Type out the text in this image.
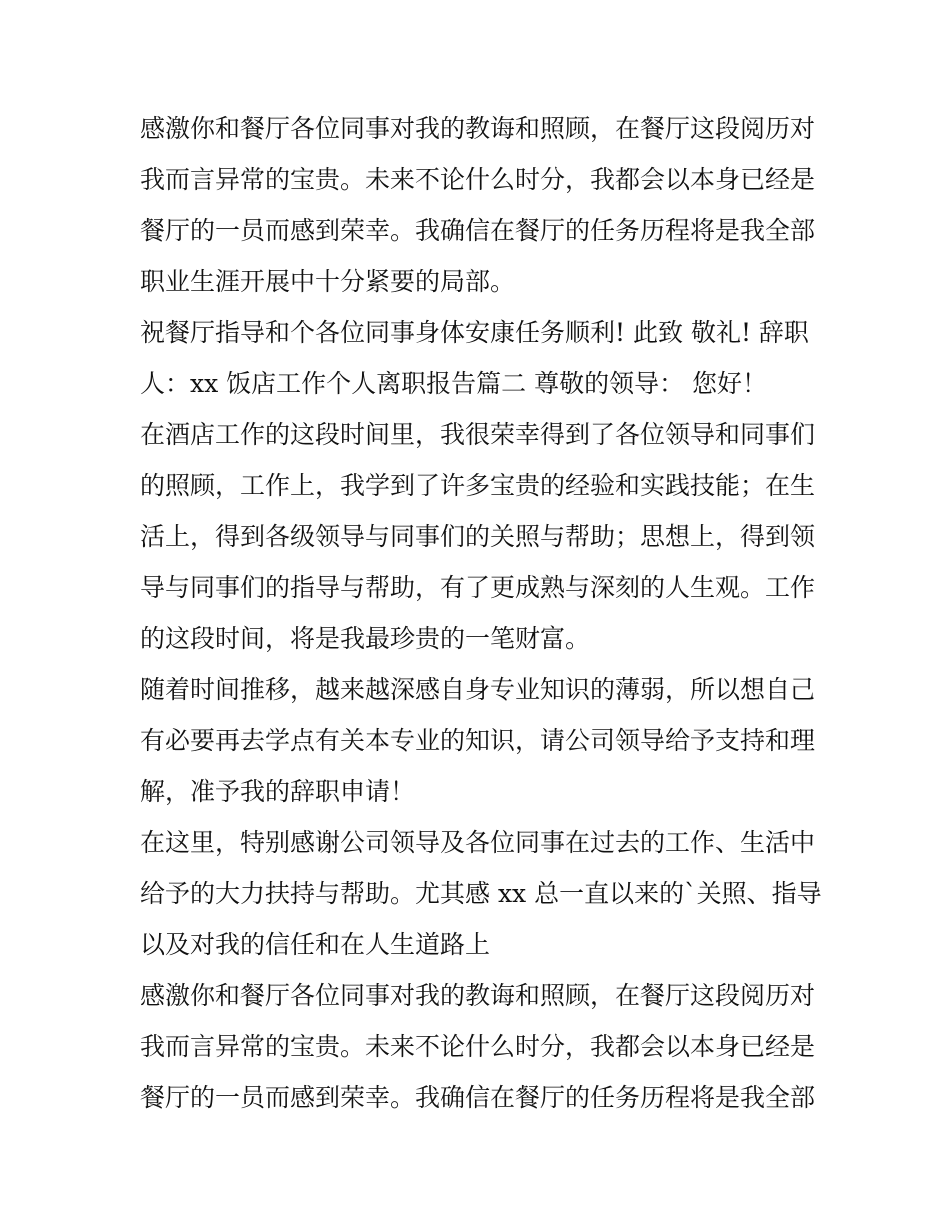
感激你和餐厅各位同事对我的教诲和照顾，在餐厅这段阅历对
我而言异常的宝贵。未来不论什么时分，我都会以本身已经是
餐厅的一员而感到荣幸。我确信在餐厅的任务历程将是我全部
职业生涯开展中十分紧要的局部。
祝餐厅指导和个各位同事身体安康任务顺利! 此致 敬礼! 辞职
人：xx 饭店工作个人离职报告篇二 尊敬的领导： 您好！
在酒店工作的这段时间里，我很荣幸得到了各位领导和同事们
的照顾，工作上，我学到了许多宝贵的经验和实践技能；在生
活上，得到各级领导与同事们的关照与帮助；思想上，得到领
导与同事们的指导与帮助，有了更成熟与深刻的人生观。工作
的这段时间，将是我最珍贵的一笔财富。
随着时间推移，越来越深感自身专业知识的薄弱，所以想自己
有必要再去学点有关本专业的知识，请公司领导给予支持和理
解，准予我的辞职申请！
在这里，特别感谢公司领导及各位同事在过去的工作、生活中
给予的大力扶持与帮助。尤其感 xx 总一直以来的`关照、指导
以及对我的信任和在人生道路上
感激你和餐厅各位同事对我的教诲和照顾，在餐厅这段阅历对
我而言异常的宝贵。未来不论什么时分，我都会以本身已经是
餐厅的一员而感到荣幸。我确信在餐厅的任务历程将是我全部
